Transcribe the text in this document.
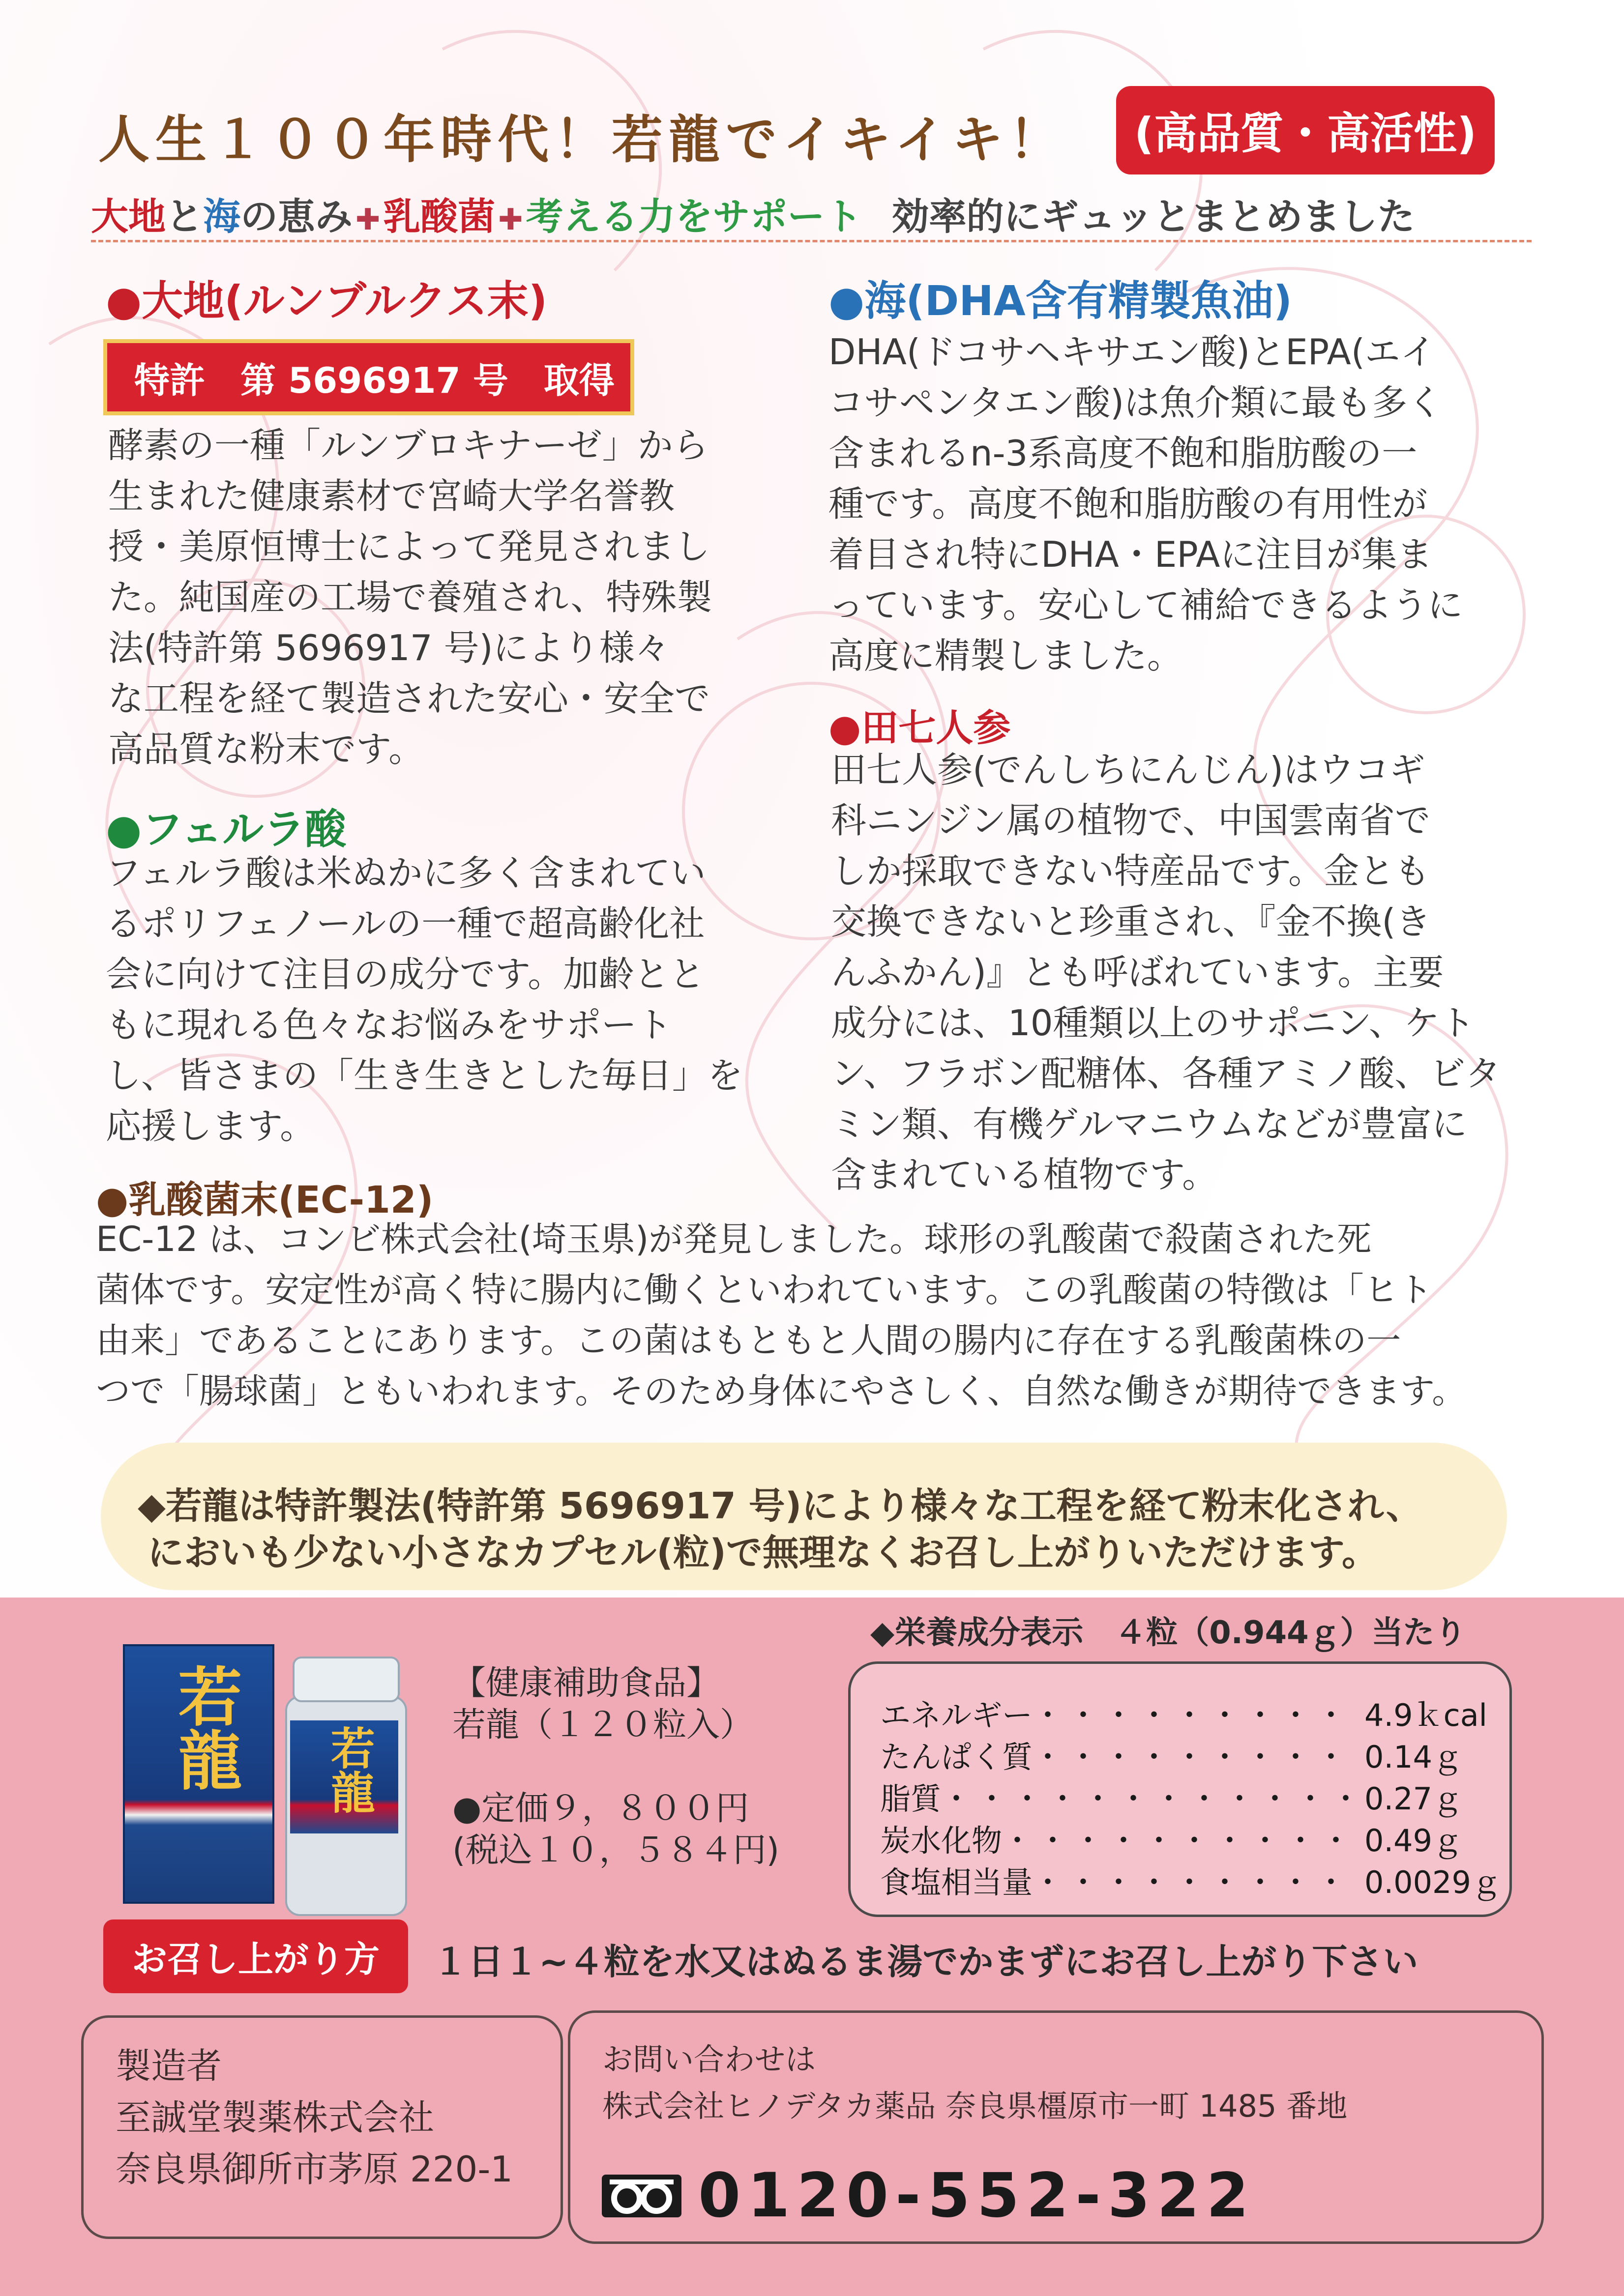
人生１００年時代！若龍でイキイキ！	(高品質・高活性)
大地と海の恵み ✚乳酸菌 ✚考える力をサポート 効率的にギュッとまとめました
●大地(ルンブルクス末)
特許　第 5696917 号　取得

酵素の一種「ルンブロキナーゼ」から
生まれた健康素材で宮崎大学名誉教
授・美原恒博士によって発見されまし
た。純国産の工場で養殖され、特殊製
法(特許第 5696917 号)により様々
な工程を経て製造された安心・安全で
高品質な粉末です。

●フェルラ酸

フェルラ酸は米ぬかに多く含まれてい
るポリフェノールの一種で超高齢化社
会に向けて注目の成分です。加齢とと
もに現れる色々なお悩みをサポート
し、皆さまの「生き生きとした毎日」を
応援します。

●海(DHA含有精製魚油)

DHA(ドコサヘキサエン酸)とEPA(エイ
コサペンタエン酸)は魚介類に最も多く
含まれるn-3系高度不飽和脂肪酸の一
種です。高度不飽和脂肪酸の有用性が
着目され特にDHA・EPAに注目が集ま
っています。安心して補給できるように
高度に精製しました。

●田七人参

田七人参(でんしちにんじん)はウコギ
科ニンジン属の植物で、中国雲南省で
しか採取できない特産品です。金とも
交換できないと珍重され、『金不換(き
んふかん)』とも呼ばれています。主要
成分には、10種類以上のサポニン、ケト
ン、フラボン配糖体、各種アミノ酸、ビタ
ミン類、有機ゲルマニウムなどが豊富に
含まれている植物です。

●乳酸菌末(EC-12)

EC-12 は、コンビ株式会社(埼玉県)が発見しました。球形の乳酸菌で殺菌された死
菌体です。安定性が高く特に腸内に働くといわれています。この乳酸菌の特徴は「ヒト
由来」であることにあります。この菌はもともと人間の腸内に存在する乳酸菌株の一
つで「腸球菌」ともいわれます。そのため身体にやさしく、自然な働きが期待できます。

◆若龍は特許製法(特許第 5696917 号)により様々な工程を経て粉末化され、
においも少ない小さなカプセル(粒)で無理なくお召し上がりいただけます。
若龍 若龍
【健康補助食品】
若龍（１２０粒入）
●定価９，８００円
(税込１０，５８４円)
◆栄養成分表示　４粒（0.944ｇ）当たり
エネルギー・・・・・・・・・ 4.9ｋcal
たんぱく質・・・・・・・・・ 0.14ｇ
脂質・・・・・・・・・・・・
0.27ｇ
炭水化物・・・・・・・・・・ 0.49ｇ
食塩相当量・・・・・・・・・ 0.0029ｇ
お召し上がり方	１日１~４粒を水又はぬるま湯でかまずにお召し上がり下さい
製造者
至誠堂製薬株式会社
奈良県御所市茅原 220-1
お問い合わせは
株式会社ヒノデタカ薬品 奈良県橿原市一町 1485 番地
0120-552-322
